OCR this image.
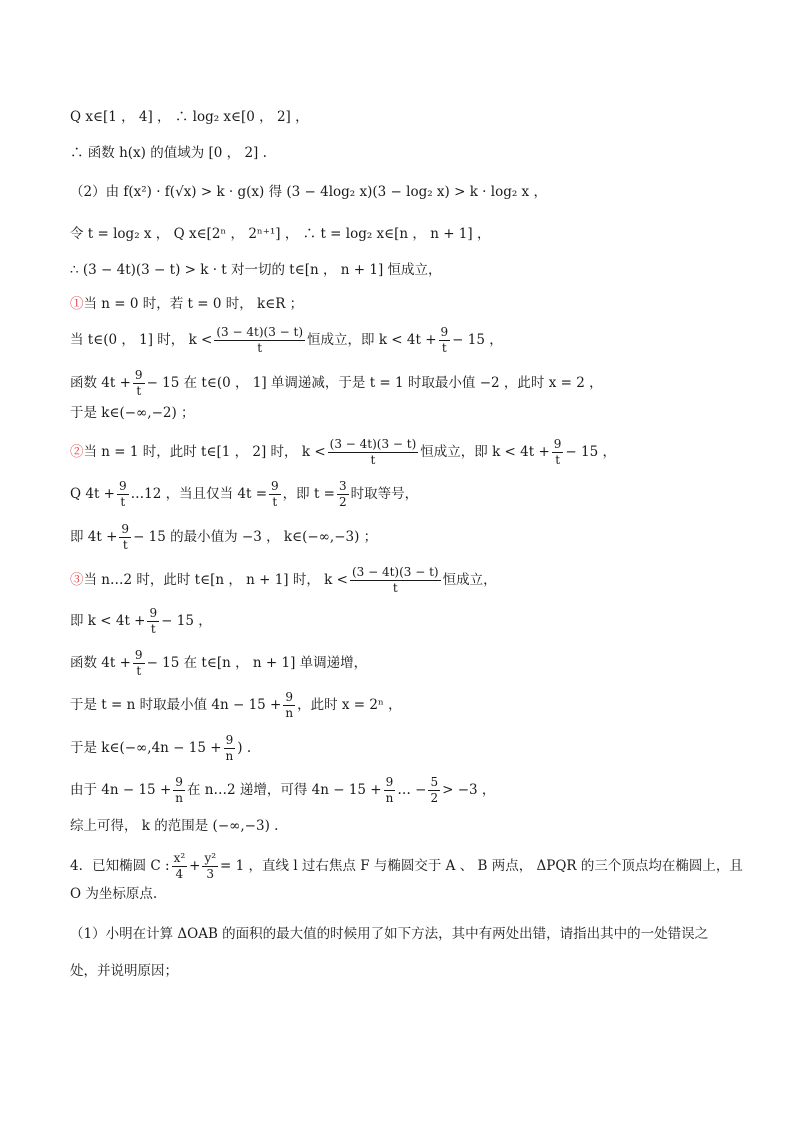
Q x∈[1 ， 4] ， ∴ log₂ x∈[0 ， 2] ，
∴ 函数 h(x) 的值域为 [0 ， 2] .
（2）由 f(x²) · f(√x) > k · g(x) 得 (3 − 4log₂ x)(3 − log₂ x) > k · log₂ x ，
令 t = log₂ x ， Q x∈[2ⁿ ， 2ⁿ⁺¹] ， ∴ t = log₂ x∈[n ， n + 1] ，
∴ (3 − 4t)(3 − t) > k · t 对一切的 t∈[n ， n + 1] 恒成立，
①当 n = 0 时，若 t = 0 时， k∈R ；
当 t∈(0 ， 1] 时， $k < \frac{(3 - 4t)(3 - t)}{t}$ 恒成立，即 $k < 4t + \frac{9}{t} - 15$ ，
函数 $4t + \frac{9}{t} - 15$ 在 t∈(0 ， 1] 单调递减，于是 t = 1 时取最小值 −2 ，此时 x = 2 ，
于是 k∈(−∞,−2) ；
②当 n = 1 时，此时 t∈[1 ， 2] 时， $k < \frac{(3 - 4t)(3 - t)}{t}$ 恒成立，即 $k < 4t + \frac{9}{t} - 15$ ，
Q $4t + \frac{9}{t}$ …12 ，当且仅当 $4t = \frac{9}{t}$ ，即 $t = \frac{3}{2}$ 时取等号，
即 $4t + \frac{9}{t} - 15$ 的最小值为 −3 ， k∈(−∞,−3) ；
③当 n…2 时，此时 t∈[n ， n + 1] 时， $k < \frac{(3 - 4t)(3 - t)}{t}$ 恒成立，
即 $k < 4t + \frac{9}{t} - 15$ ，
函数 $4t + \frac{9}{t} - 15$ 在 t∈[n ， n + 1] 单调递增，
于是 t = n 时取最小值 $4n - 15 + \frac{9}{n}$ ，此时 x = 2ⁿ ，
于是 k∈(−∞,4n − $15 + \frac{9}{n}$ ) .
由于 $4n - 15 + \frac{9}{n}$ 在 n…2 递增，可得 $4n - 15 + \frac{9}{n}$ … − $\frac{5}{2} > -3$ ，
综上可得， k 的范围是 (−∞,−3) .
4．已知椭圆 C : $\frac{\text{x²}}{4} + \frac{\text{y²}}{3} = 1$ ，直线 l 过右焦点 F 与椭圆交于 A 、 B 两点， ΔPQR 的三个顶点均在椭圆上，且
O 为坐标原点.
（1）小明在计算 ΔOAB 的面积的最大值的时候用了如下方法，其中有两处出错，请指出其中的一处错误之
处，并说明原因；
